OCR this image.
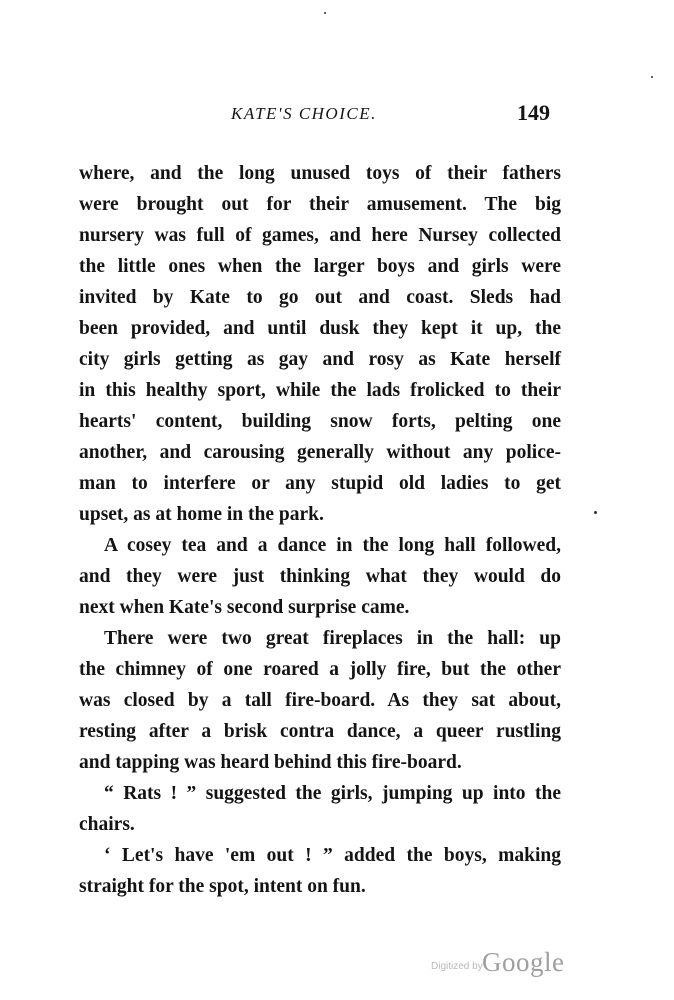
KATE'S CHOICE.	149
where, and the long unused toys of their fathers
were brought out for their amusement. The big
nursery was full of games, and here Nursey collected
the little ones when the larger boys and girls were
invited by Kate to go out and coast. Sleds had
been provided, and until dusk they kept it up, the
city girls getting as gay and rosy as Kate herself
in this healthy sport, while the lads frolicked to their
hearts' content, building snow forts, pelting one
another, and carousing generally without any police-
man to interfere or any stupid old ladies to get
upset, as at home in the park.
A cosey tea and a dance in the long hall followed,
and they were just thinking what they would do
next when Kate's second surprise came.
There were two great fireplaces in the hall: up
the chimney of one roared a jolly fire, but the other
was closed by a tall fire-board. As they sat about,
resting after a brisk contra dance, a queer rustling
and tapping was heard behind this fire-board.
“ Rats ! ” suggested the girls, jumping up into the
chairs.
‘ Let's have 'em out ! ” added the boys, making
straight for the spot, intent on fun.
Digitized by Google
